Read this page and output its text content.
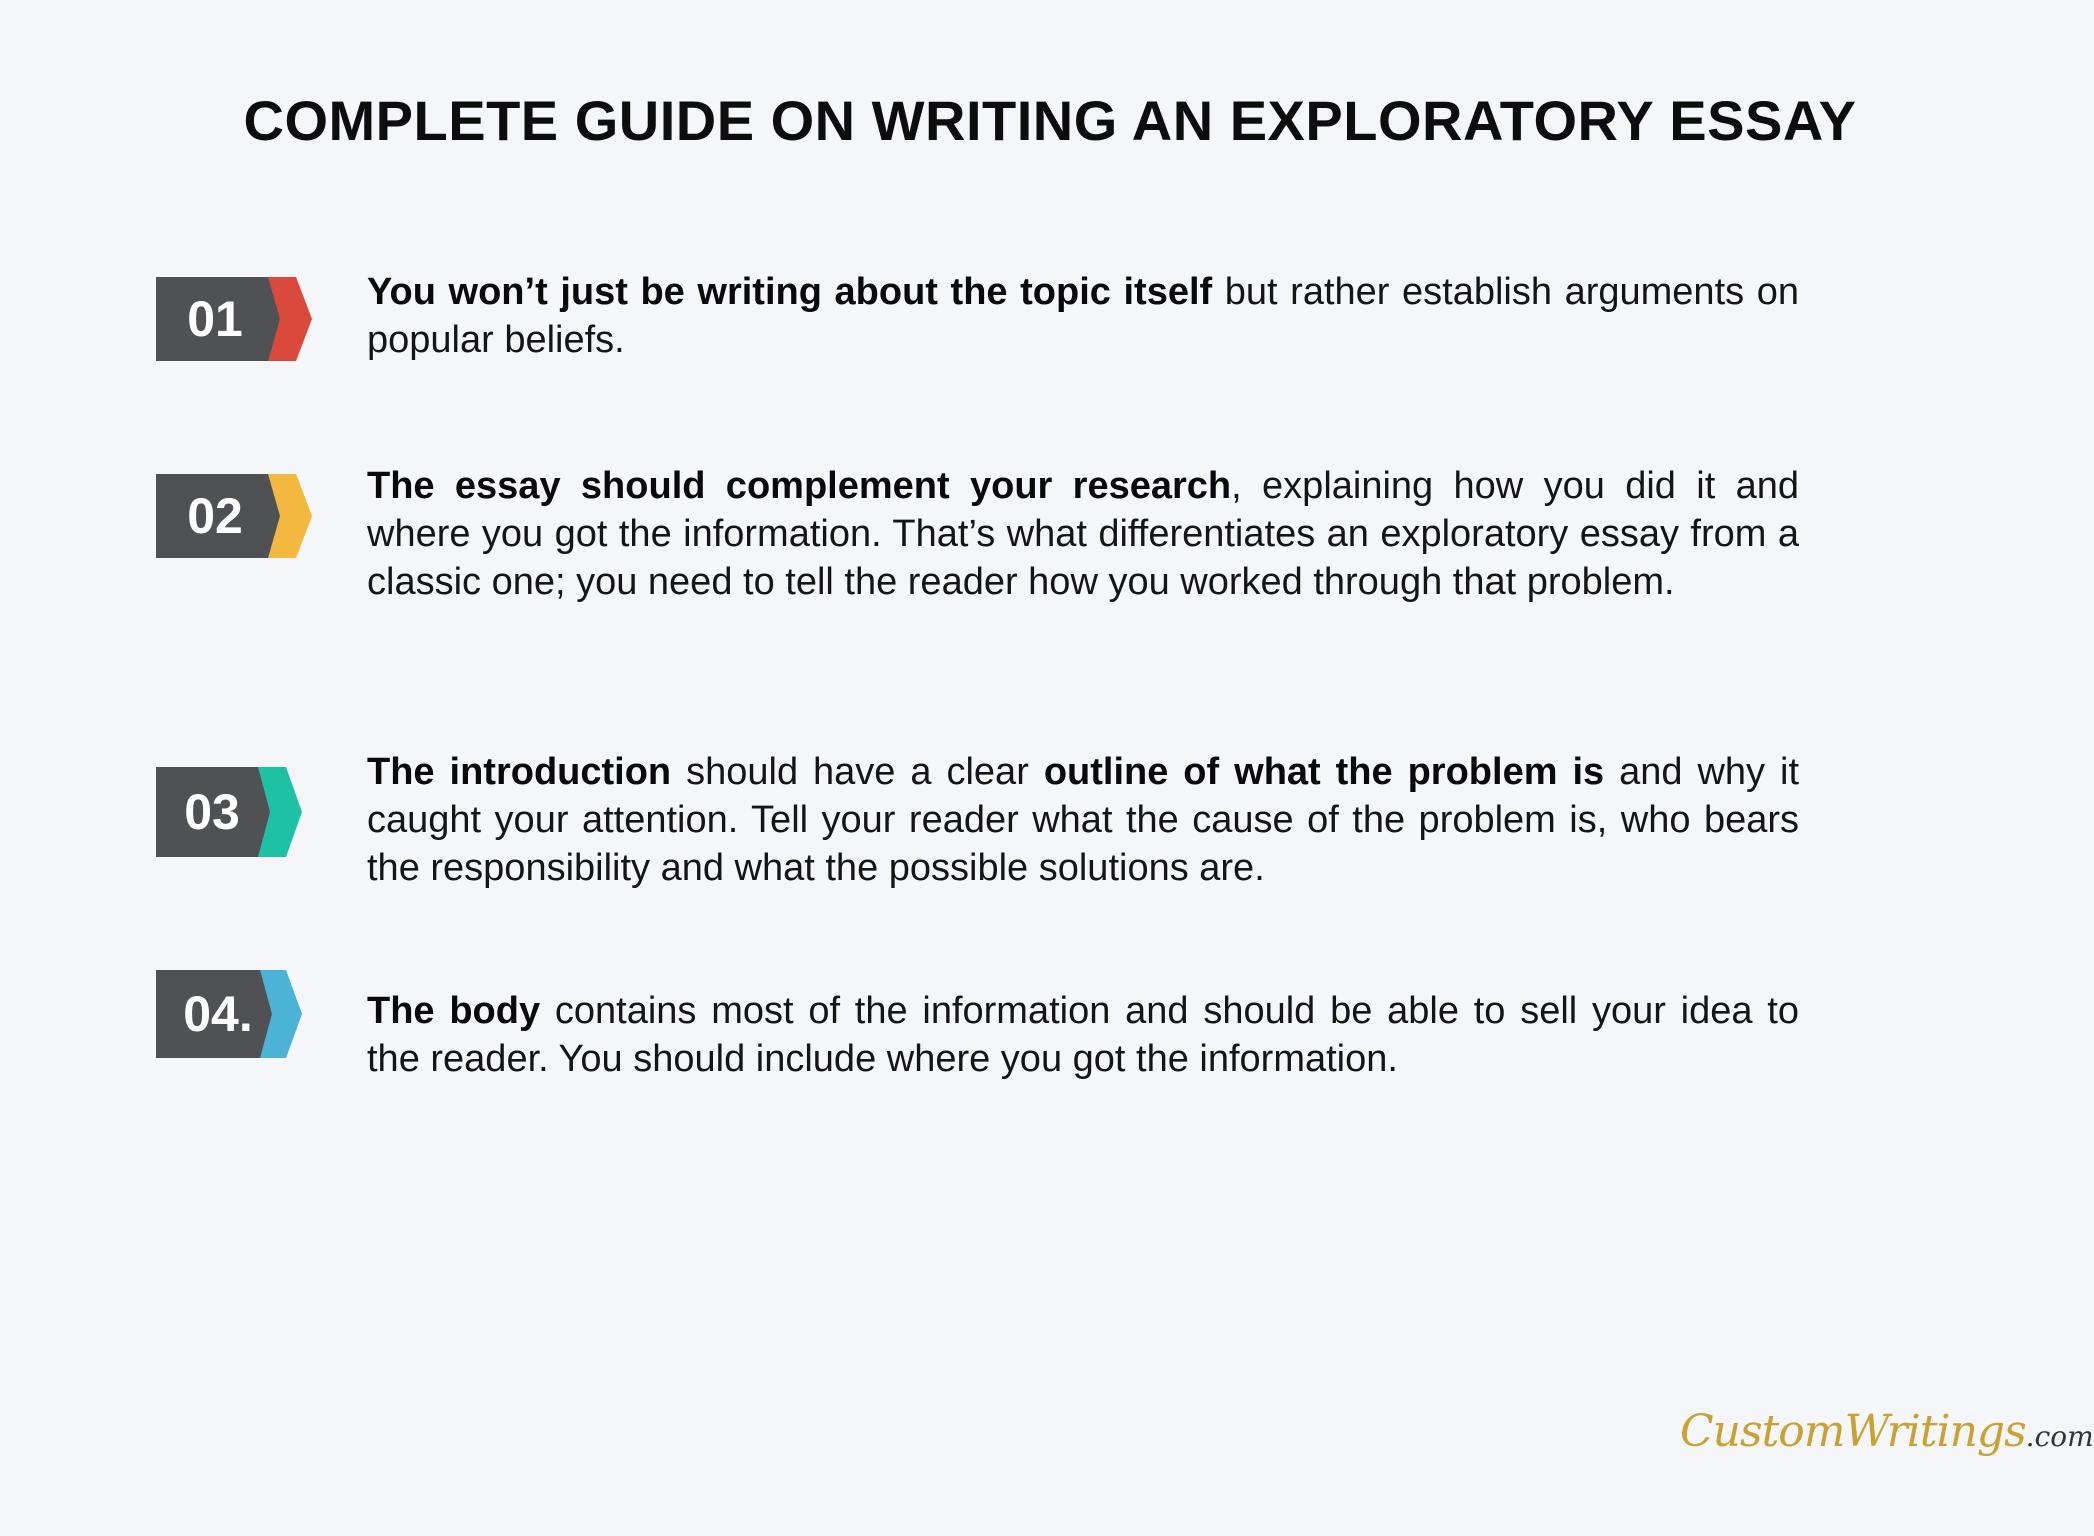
COMPLETE GUIDE ON WRITING AN EXPLORATORY ESSAY
01	You won’t just be writing about the topic itself but rather establish arguments on popular beliefs.
02
The essay should complement your research, explaining how you did it and where you got the information. That’s what differentiates an exploratory essay from a classic one; you need to tell the reader how you worked through that problem.
03
The introduction should have a clear outline of what the problem is and why it caught your attention. Tell your reader what the cause of the problem is, who bears the responsibility and what the possible solutions are.
04.	The body contains most of the information and should be able to sell your idea to the reader. You should include where you got the information.
CustomWritings.com
